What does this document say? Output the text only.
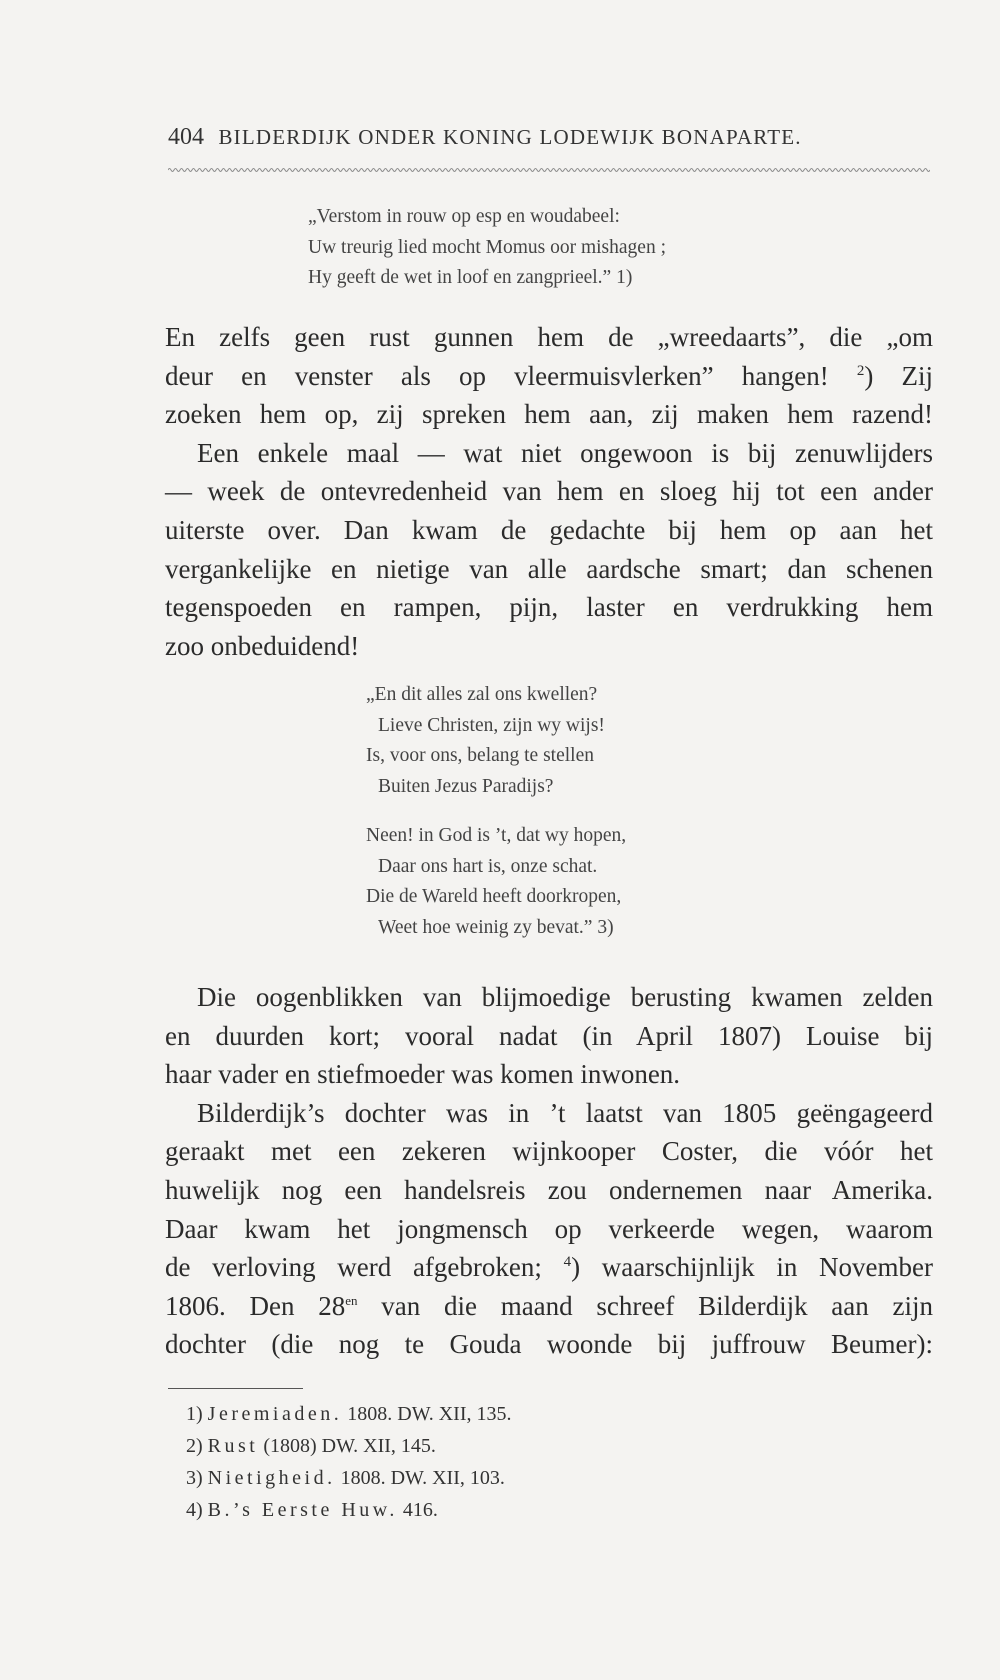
404 BILDERDIJK ONDER KONING LODEWIJK BONAPARTE.
„Verstom in rouw op esp en woudabeel:
Uw treurig lied mocht Momus oor mishagen ;
Hy geeft de wet in loof en zangprieel.” 1)
En zelfs geen rust gunnen hem de „wreedaarts”, die „om
deur en venster als op vleermuisvlerken” hangen! $^2$) Zij
zoeken hem op, zij spreken hem aan, zij maken hem razend!
Een enkele maal — wat niet ongewoon is bij zenuwlijders
— week de ontevredenheid van hem en sloeg hij tot een ander
uiterste over. Dan kwam de gedachte bij hem op aan het
vergankelijke en nietige van alle aardsche smart; dan schenen
tegenspoeden en rampen, pijn, laster en verdrukking hem
zoo onbeduidend!
„En dit alles zal ons kwellen?
Lieve Christen, zijn wy wijs!
Is, voor ons, belang te stellen
Buiten Jezus Paradijs?
Neen! in God is ’t, dat wy hopen,
Daar ons hart is, onze schat.
Die de Wareld heeft doorkropen,
Weet hoe weinig zy bevat.” 3)
Die oogenblikken van blijmoedige berusting kwamen zelden
en duurden kort; vooral nadat (in April 1807) Louise bij
haar vader en stiefmoeder was komen inwonen.
Bilderdijk’s dochter was in ’t laatst van 1805 geëngageerd
geraakt met een zekeren wijnkooper Coster, die vóór het
huwelijk nog een handelsreis zou ondernemen naar Amerika.
Daar kwam het jongmensch op verkeerde wegen, waarom
de verloving werd afgebroken; $^4$) waarschijnlijk in November
1806. Den $28^{en}$ van die maand schreef Bilderdijk aan zijn
dochter (die nog te Gouda woonde bij juffrouw Beumer):
1) Jeremiaden. 1808. DW. XII, 135.
2) Rust (1808) DW. XII, 145.
3) Nietigheid. 1808. DW. XII, 103.
4) B.’s Eerste Huw. 416.
